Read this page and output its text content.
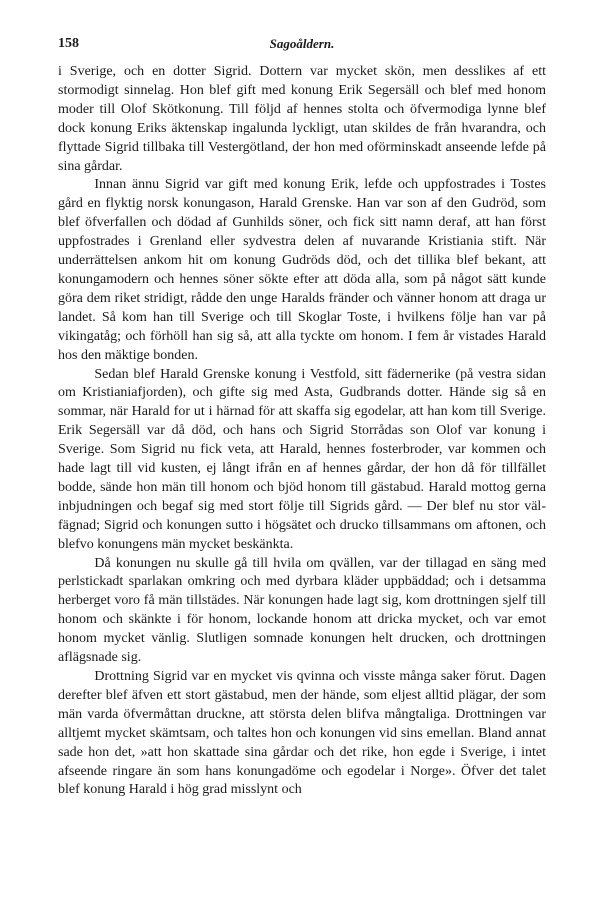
158	Sagoåldern.

i Sverige, och en dotter Sigrid. Dottern var mycket skön, men desslikes af ett stormodigt sinnelag. Hon blef gift med konung Erik Segersäll och blef med honom moder till Olof Skötkonung. Till följd af hennes stolta och öfvermodiga lynne blef dock konung Eriks äktenskap ingalunda lyckligt, utan skildes de från hvarandra, och flyttade Sigrid tillbaka till Vestergötland, der hon med oförminskadt anseende lefde på sina gårdar.

Innan ännu Sigrid var gift med konung Erik, lefde och uppfostrades i Tostes gård en flyktig norsk konungason, Harald Grenske. Han var son af den Gudröd, som blef öfverfallen och dödad af Gunhilds söner, och fick sitt namn deraf, att han först uppfostrades i Grenland eller sydvestra delen af nuvarande Kristiania stift. När underrättelsen ankom hit om konung Gudröds död, och det tillika blef bekant, att konungamodern och hennes söner sökte efter att döda alla, som på något sätt kunde göra dem riket stridigt, rådde den unge Haralds fränder och vänner honom att draga ur landet. Så kom han till Sverige och till Skoglar Toste, i hvilkens följe han var på vikingatåg; och förhöll han sig så, att alla tyckte om honom. I fem år vistades Harald hos den mäktige bonden.

Sedan blef Harald Grenske konung i Vestfold, sitt fädernerike (på vestra sidan om Kristianiafjorden), och gifte sig med Asta, Gudbrands dotter. Hände sig så en sommar, när Harald for ut i härnad för att skaffa sig egodelar, att han kom till Sverige. Erik Segersäll var då död, och hans och Sigrid Storrådas son Olof var konung i Sverige. Som Sigrid nu fick veta, att Harald, hennes fosterbroder, var kommen och hade lagt till vid kusten, ej långt ifrån en af hennes gårdar, der hon då för tillfället bodde, sände hon män till honom och bjöd honom till gästabud. Harald mottog gerna inbjudningen och begaf sig med stort följe till Sigrids gård. — Der blef nu stor välfägnad; Sigrid och konungen sutto i högsätet och drucko tillsammans om aftonen, och blefvo konungens män mycket beskänkta.

Då konungen nu skulle gå till hvila om qvällen, var der tillagad en säng med perlstickadt sparlakan omkring och med dyrbara kläder uppbäddad; och i detsamma herberget voro få män tillstädes. När konungen hade lagt sig, kom drottningen sjelf till honom och skänkte i för honom, lockande honom att dricka mycket, och var emot honom mycket vänlig. Slutligen somnade konungen helt drucken, och drottningen aflägsnade sig.

Drottning Sigrid var en mycket vis qvinna och visste många saker förut. Dagen derefter blef äfven ett stort gästabud, men der hände, som eljest alltid plägar, der som män varda öfvermåttan druckne, att största delen blifva mångtaliga. Drottningen var alltjemt mycket skämtsam, och taltes hon och konungen vid sins emellan. Bland annat sade hon det, »att hon skattade sina gårdar och det rike, hon egde i Sverige, i intet afseende ringare än som hans konungadöme och egodelar i Norge». Öfver det talet blef konung Harald i hög grad misslynt och
